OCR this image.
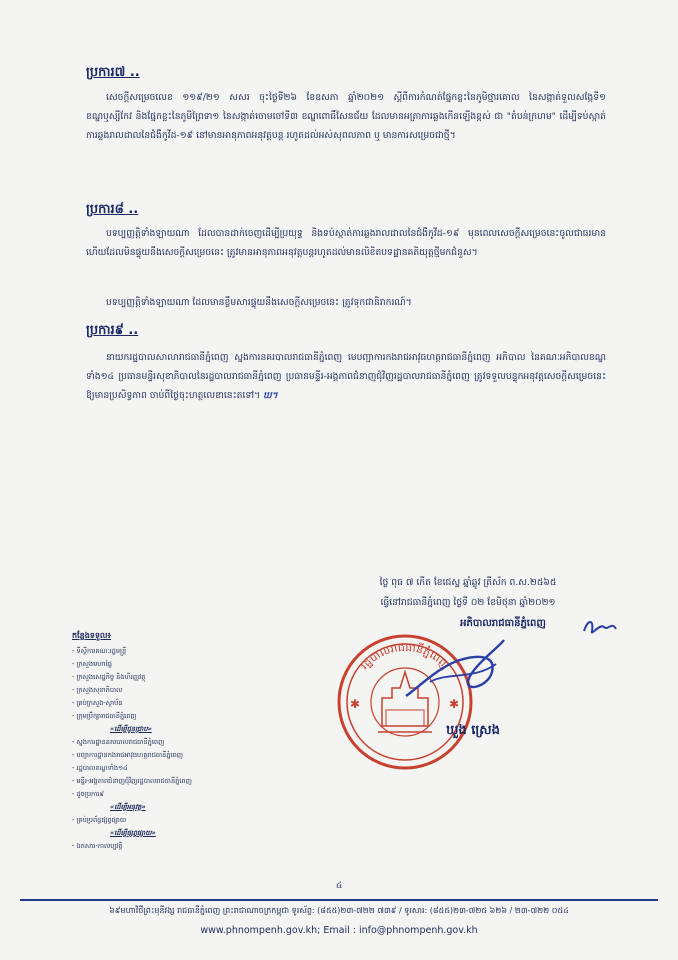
ប្រការ៧ ..
សេចក្តីសម្រេចលេខ ១១៩/២១ សសរ ចុះថ្ងៃទី២៦ ខែឧសភា ឆ្នាំ២០២១ ស្តីពីការកំណត់ផ្នែកខ្លះនៃភូមិថ្មារគោល នៃសង្កាត់ទួលសង្កែទី១ ខណ្ឌឬស្សីកែវ និងផ្នែកខ្លះនៃភូមិព្រៃទា១ នៃសង្កាត់ចោមចៅទី៣ ខណ្ឌពោធិ៍សែនជ័យ ដែលមានអត្រាការឆ្លងកើនឡើងខ្ពស់ ជា "តំបន់ក្រហម" ដើម្បីទប់ស្កាត់ការឆ្លងរាលដាលនៃជំងឺកូវីដ-១៩ នៅមានអានុភាពអនុវត្តបន្ត រហូតដល់អស់សុពលភាព ឬ មានការសម្រេចជាថ្មី។
ប្រការ៨ ..
បទប្បញ្ញត្តិទាំងឡាយណា ដែលបានដាក់ចេញដើម្បីប្រយុទ្ធ និងទប់ស្កាត់ការឆ្លងរាលដាលនៃជំងឺកូវីដ-១៩ មុនពេលសេចក្តីសម្រេចនេះចូលជាធរមាន ហើយដែលមិនផ្ទុយនឹងសេចក្តីសម្រេចនេះ ត្រូវមានអានុភាពអនុវត្តបន្តរហូតដល់មានលិខិតបទដ្ឋានគតិយុត្តថ្មីមកជំនួស។
បទប្បញ្ញត្តិទាំងឡាយណា ដែលមានខ្លឹមសារផ្ទុយនឹងសេចក្តីសម្រេចនេះ ត្រូវទុកជានិរាករណ៍។
ប្រការ៩ ..
នាយករដ្ឋបាលសាលារាជធានីភ្នំពេញ ស្នងការនគរបាលរាជធានីភ្នំពេញ មេបញ្ជាការកងរាជអាវុធហត្ថរាជធានីភ្នំពេញ អភិបាល នៃគណៈអភិបាលខណ្ឌទាំង១៤ ប្រធានមន្ទីរសុខាភិបាលនៃរដ្ឋបាលរាជធានីភ្នំពេញ ប្រធានមន្ទីរ-អង្គភាពជំនាញជុំវិញរដ្ឋបាលរាជធានីភ្នំពេញ ត្រូវទទួលបន្ទុកអនុវត្តសេចក្តីសម្រេចនេះ ឱ្យមានប្រសិទ្ធភាព ចាប់ពីថ្ងៃចុះហត្ថលេខានេះតទៅ។ ឃ។
ថ្ងៃ ពុធ ៧ កើត ខែជេស្ឋ ឆ្នាំឆ្លូវ ត្រីស័ក ព.ស.២៥៦៥
ធ្វើនៅរាជធានីភ្នំពេញ ថ្ងៃទី ០២ ខែមិថុនា ឆ្នាំ២០២១
រដ្ឋបាលរាជធានីភ្នំពេញ
✱	✱
អភិបាលរាជធានីភ្នំពេញ
ឃួង ស្រេង
កន្លែងទទួល៖
- ទីស្តីការគណៈរដ្ឋមន្ត្រី
- ក្រសួងមហាផ្ទៃ
- ក្រសួងសេដ្ឋកិច្ច និងហិរញ្ញវត្ថុ
- ក្រសួងសុខាភិបាល
- គ្រប់ក្រសួង-ស្ថាប័ន
- ក្រុមប្រឹក្សារាជធានីភ្នំពេញ
«ដើម្បីជូនជ្រាប»
- ស្នងការដ្ឋាននគរបាលរាជធានីភ្នំពេញ
- បញ្ជាការដ្ឋានកងរាជអាវុធហត្ថរាជធានីភ្នំពេញ
- រដ្ឋបាលខណ្ឌទាំង១៤
- មន្ទីរ-អង្គភាពជំនាញជុំវិញរដ្ឋបាលរាជធានីភ្នំពេញ
- ដូចប្រការ៩
«ដើម្បីអនុវត្ត»
- គ្រប់ប្រព័ន្ធផ្សព្វផ្សាយ
«ដើម្បីផ្សព្វផ្សាយ»
- ឯកសារ-កាលប្បវត្តិ
៤
៦៩មហាវិថីព្រះមុនីវង្ស រាជធានីភ្នំពេញ ព្រះរាជាណាចក្រកម្ពុជា ទូរស័ព្ទ: (៨៥៥)២៣-៧២២ ៧៣៩ / ទូរសារ: (៨៥៥)២៣-៧២៥ ៦២៦ / ២៣-៧២២ ០៥៤
www.phnompenh.gov.kh; Email : info@phnompenh.gov.kh
